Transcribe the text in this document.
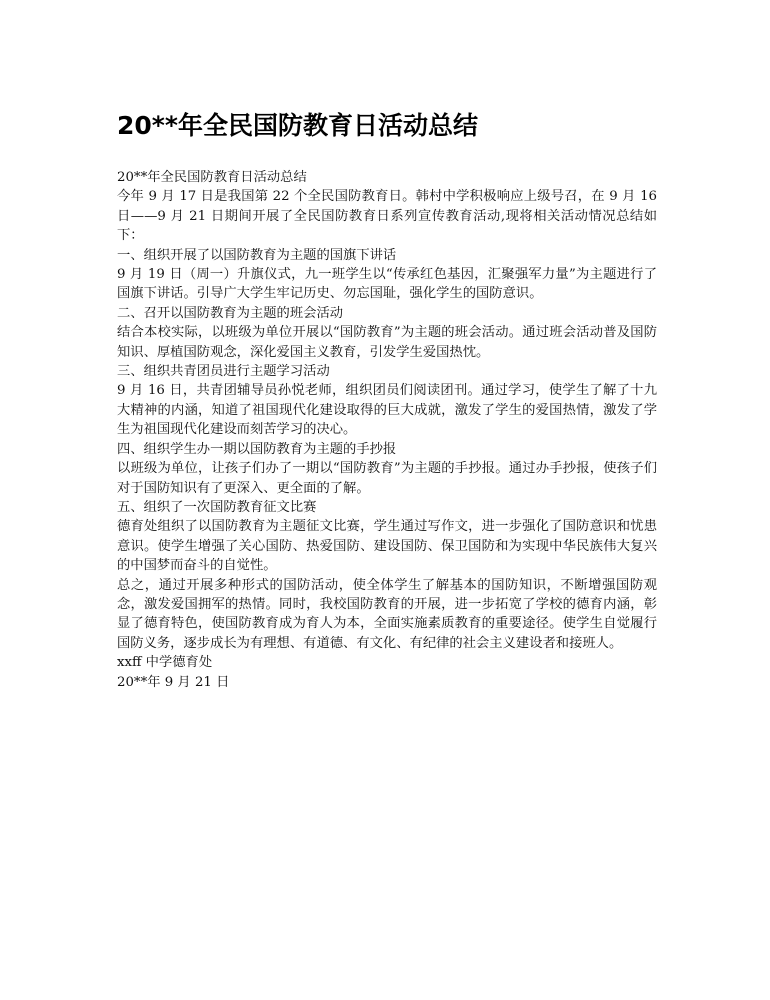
20**年全民国防教育日活动总结

20**年全民国防教育日活动总结

今年 9 月 17 日是我国第 22 个全民国防教育日。韩村中学积极响应上级号召，在 9 月 16 日——9 月 21 日期间开展了全民国防教育日系列宣传教育活动,现将相关活动情况总结如下：

一、组织开展了以国防教育为主题的国旗下讲话

9 月 19 日（周一）升旗仪式，九一班学生以“传承红色基因，汇聚强军力量”为主题进行了国旗下讲话。引导广大学生牢记历史、勿忘国耻，强化学生的国防意识。

二、召开以国防教育为主题的班会活动

结合本校实际，以班级为单位开展以“国防教育”为主题的班会活动。通过班会活动普及国防知识、厚植国防观念，深化爱国主义教育，引发学生爱国热忱。

三、组织共青团员进行主题学习活动

9 月 16 日，共青团辅导员孙悦老师，组织团员们阅读团刊。通过学习，使学生了解了十九大精神的内涵，知道了祖国现代化建设取得的巨大成就，激发了学生的爱国热情，激发了学生为祖国现代化建设而刻苦学习的决心。

四、组织学生办一期以国防教育为主题的手抄报

以班级为单位，让孩子们办了一期以“国防教育”为主题的手抄报。通过办手抄报，使孩子们对于国防知识有了更深入、更全面的了解。

五、组织了一次国防教育征文比赛

德育处组织了以国防教育为主题征文比赛，学生通过写作文，进一步强化了国防意识和忧患意识。使学生增强了关心国防、热爱国防、建设国防、保卫国防和为实现中华民族伟大复兴的中国梦而奋斗的自觉性。

总之，通过开展多种形式的国防活动，使全体学生了解基本的国防知识，不断增强国防观念，激发爱国拥军的热情。同时，我校国防教育的开展，进一步拓宽了学校的德育内涵，彰显了德育特色，使国防教育成为育人为本，全面实施素质教育的重要途径。使学生自觉履行国防义务，逐步成长为有理想、有道德、有文化、有纪律的社会主义建设者和接班人。

xxff 中学德育处

20**年 9 月 21 日
